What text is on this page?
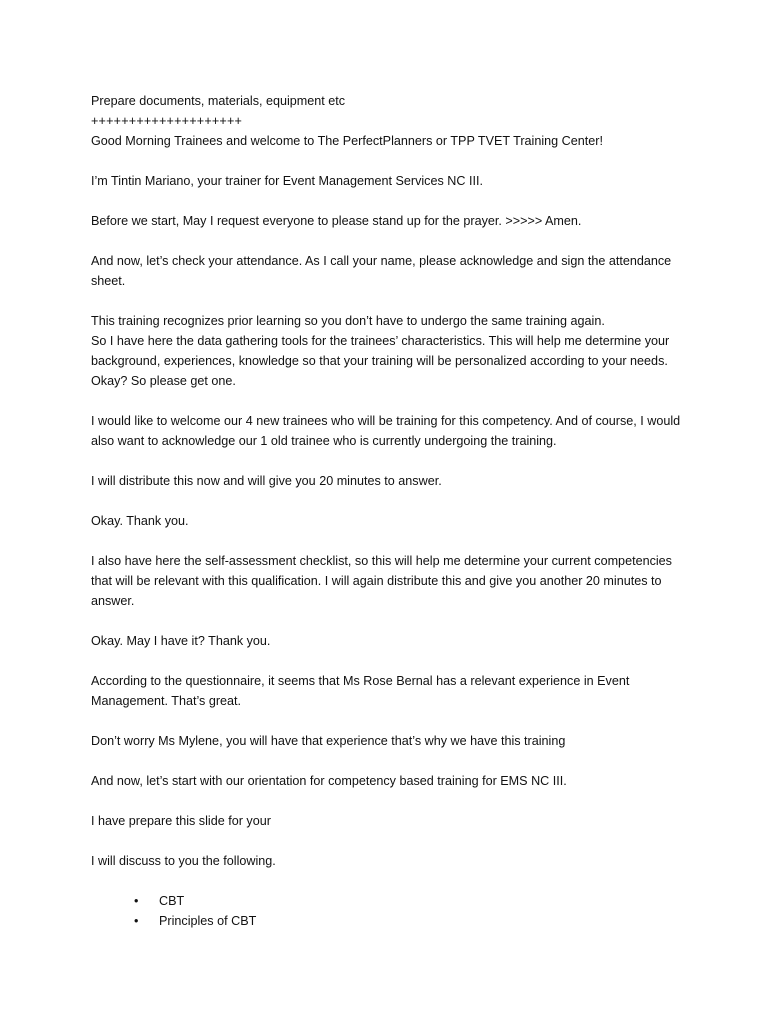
Prepare documents, materials, equipment etc

++++++++++++++++++++

Good Morning Trainees and welcome to The PerfectPlanners or TPP TVET Training Center!

I’m Tintin Mariano, your trainer for Event Management Services NC III.

Before we start, May I request everyone to please stand up for the prayer. >>>>> Amen.

And now, let’s check your attendance. As I call your name, please acknowledge and sign the attendance sheet.

This training recognizes prior learning so you don’t have to undergo the same training again.

So I have here the data gathering tools for the trainees’ characteristics. This will help me determine your background, experiences, knowledge so that your training will be personalized according to your needs. Okay? So please get one.

I would like to welcome our 4 new trainees who will be training for this competency. And of course, I would also want to acknowledge our 1 old trainee who is currently undergoing the training.

I will distribute this now and will give you 20 minutes to answer.

Okay. Thank you.

I also have here the self-assessment checklist, so this will help me determine your current competencies that will be relevant with this qualification. I will again distribute this and give you another 20 minutes to answer.

Okay. May I have it? Thank you.

According to the questionnaire, it seems that Ms Rose Bernal has a relevant experience in Event Management. That’s great.

Don’t worry Ms Mylene, you will have that experience that’s why we have this training

And now, let’s start with our orientation for competency based training for EMS NC III.

I have prepare this slide for your

I will discuss to you the following.

• CBT
• Principles of CBT
